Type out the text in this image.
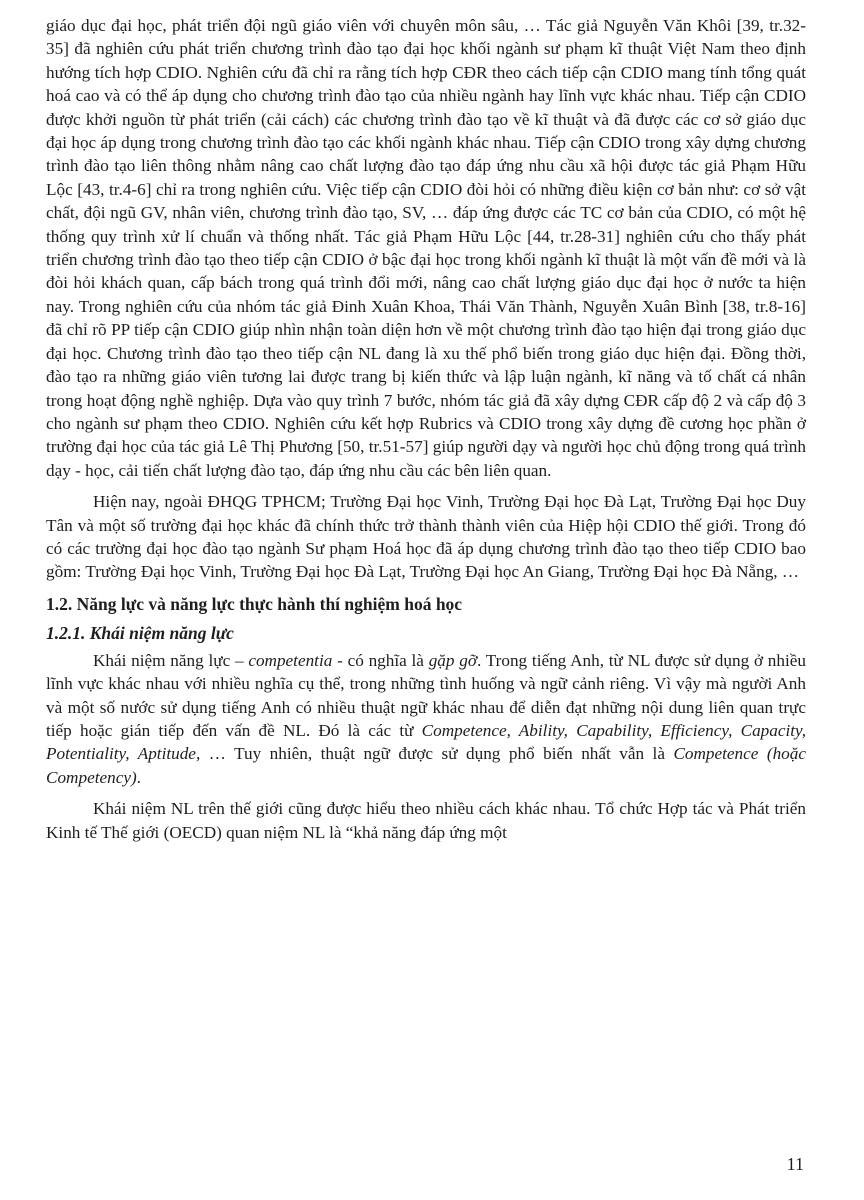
giáo dục đại học, phát triển đội ngũ giáo viên với chuyên môn sâu, … Tác giả Nguyễn Văn Khôi [39, tr.32-35] đã nghiên cứu phát triển chương trình đào tạo đại học khối ngành sư phạm kĩ thuật Việt Nam theo định hướng tích hợp CDIO. Nghiên cứu đã chỉ ra rằng tích hợp CĐR theo cách tiếp cận CDIO mang tính tổng quát hoá cao và có thể áp dụng cho chương trình đào tạo của nhiều ngành hay lĩnh vực khác nhau. Tiếp cận CDIO được khởi nguồn từ phát triển (cải cách) các chương trình đào tạo về kĩ thuật và đã được các cơ sở giáo dục đại học áp dụng trong chương trình đào tạo các khối ngành khác nhau. Tiếp cận CDIO trong xây dựng chương trình đào tạo liên thông nhằm nâng cao chất lượng đào tạo đáp ứng nhu cầu xã hội được tác giả Phạm Hữu Lộc [43, tr.4-6] chỉ ra trong nghiên cứu. Việc tiếp cận CDIO đòi hỏi có những điều kiện cơ bản như: cơ sở vật chất, đội ngũ GV, nhân viên, chương trình đào tạo, SV, … đáp ứng được các TC cơ bản của CDIO, có một hệ thống quy trình xử lí chuẩn và thống nhất. Tác giả Phạm Hữu Lộc [44, tr.28-31] nghiên cứu cho thấy phát triển chương trình đào tạo theo tiếp cận CDIO ở bậc đại học trong khối ngành kĩ thuật là một vấn đề mới và là đòi hỏi khách quan, cấp bách trong quá trình đổi mới, nâng cao chất lượng giáo dục đại học ở nước ta hiện nay. Trong nghiên cứu của nhóm tác giả Đinh Xuân Khoa, Thái Văn Thành, Nguyễn Xuân Bình [38, tr.8-16] đã chỉ rõ PP tiếp cận CDIO giúp nhìn nhận toàn diện hơn về một chương trình đào tạo hiện đại trong giáo dục đại học. Chương trình đào tạo theo tiếp cận NL đang là xu thế phổ biến trong giáo dục hiện đại. Đồng thời, đào tạo ra những giáo viên tương lai được trang bị kiến thức và lập luận ngành, kĩ năng và tố chất cá nhân trong hoạt động nghề nghiệp. Dựa vào quy trình 7 bước, nhóm tác giả đã xây dựng CĐR cấp độ 2 và cấp độ 3 cho ngành sư phạm theo CDIO. Nghiên cứu kết hợp Rubrics và CDIO trong xây dựng đề cương học phần ở trường đại học của tác giả Lê Thị Phương [50, tr.51-57] giúp người dạy và người học chủ động trong quá trình dạy - học, cải tiến chất lượng đào tạo, đáp ứng nhu cầu các bên liên quan.

Hiện nay, ngoài ĐHQG TPHCM; Trường Đại học Vinh, Trường Đại học Đà Lạt, Trường Đại học Duy Tân và một số trường đại học khác đã chính thức trở thành thành viên của Hiệp hội CDIO thế giới. Trong đó có các trường đại học đào tạo ngành Sư phạm Hoá học đã áp dụng chương trình đào tạo theo tiếp CDIO bao gồm: Trường Đại học Vinh, Trường Đại học Đà Lạt, Trường Đại học An Giang, Trường Đại học Đà Nẵng, …

1.2. Năng lực và năng lực thực hành thí nghiệm hoá học
1.2.1. Khái niệm năng lực

Khái niệm năng lực – competentia - có nghĩa là gặp gỡ. Trong tiếng Anh, từ NL được sử dụng ở nhiều lĩnh vực khác nhau với nhiều nghĩa cụ thể, trong những tình huống và ngữ cảnh riêng. Vì vậy mà người Anh và một số nước sử dụng tiếng Anh có nhiều thuật ngữ khác nhau để diễn đạt những nội dung liên quan trực tiếp hoặc gián tiếp đến vấn đề NL. Đó là các từ Competence, Ability, Capability, Efficiency, Capacity, Potentiality, Aptitude, … Tuy nhiên, thuật ngữ được sử dụng phổ biến nhất vẫn là Competence (hoặc Competency).

Khái niệm NL trên thế giới cũng được hiểu theo nhiều cách khác nhau. Tổ chức Hợp tác và Phát triển Kinh tế Thế giới (OECD) quan niệm NL là “khả năng đáp ứng một

11
